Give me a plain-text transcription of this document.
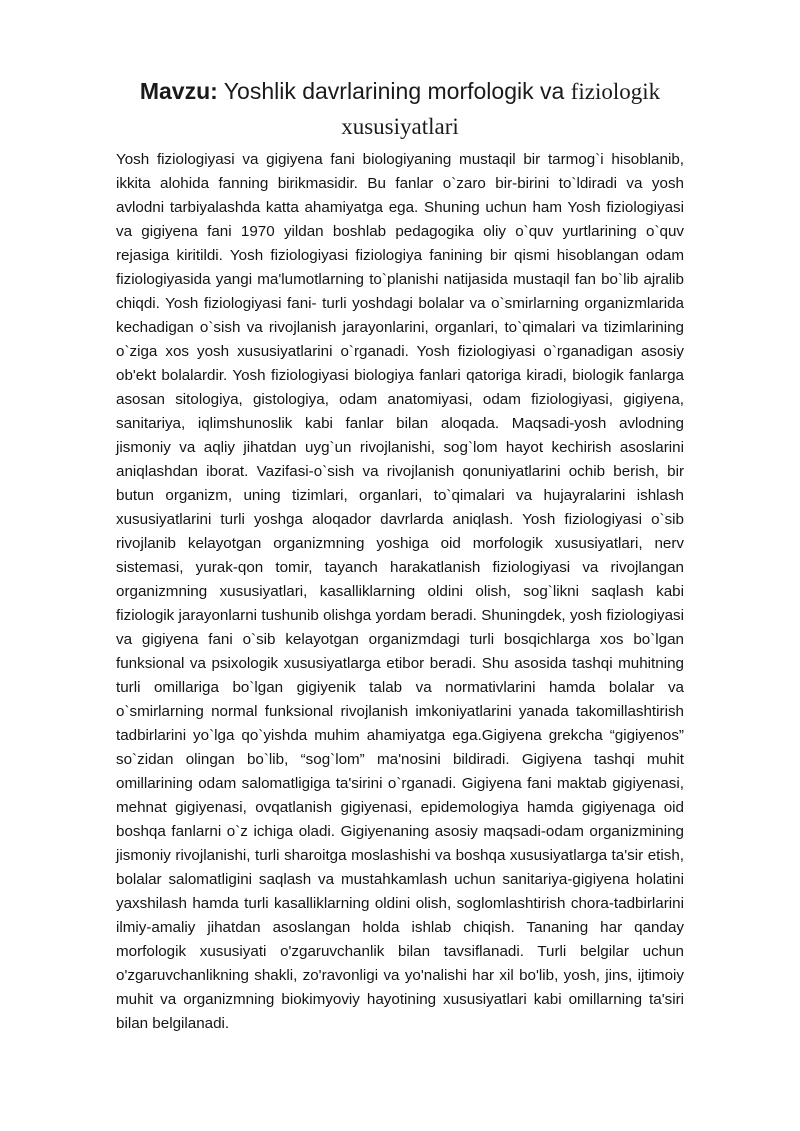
Mavzu: Yoshlik davrlarining morfologik va fiziologik xususiyatlari

Yosh fiziologiyasi va gigiyena fani biologiyaning mustaqil bir tarmog`i hisoblanib, ikkita alohida fanning birikmasidir. Bu fanlar o`zaro bir-birini to`ldiradi va yosh avlodni tarbiyalashda katta ahamiyatga ega. Shuning uchun ham Yosh fiziologiyasi va gigiyena fani 1970 yildan boshlab pedagogika oliy o`quv yurtlarining o`quv rejasiga kiritildi. Yosh fiziologiyasi fiziologiya fanining bir qismi hisoblangan odam fiziologiyasida yangi ma'lumotlarning to`planishi natijasida mustaqil fan bo`lib ajralib chiqdi. Yosh fiziologiyasi fani- turli yoshdagi bolalar va o`smirlarning organizmlarida kechadigan o`sish va rivojlanish jarayonlarini, organlari, to`qimalari va tizimlarining o`ziga xos yosh xususiyatlarini o`rganadi. Yosh fiziologiyasi o`rganadigan asosiy ob'ekt bolalardir. Yosh fiziologiyasi biologiya fanlari qatoriga kiradi, biologik fanlarga asosan sitologiya, gistologiya, odam anatomiyasi, odam fiziologiyasi, gigiyena, sanitariya, iqlimshunoslik kabi fanlar bilan aloqada. Maqsadi-yosh avlodning jismoniy va aqliy jihatdan uyg`un rivojlanishi, sog`lom hayot kechirish asoslarini aniqlashdan iborat. Vazifasi-o`sish va rivojlanish qonuniyatlarini ochib berish, bir butun organizm, uning tizimlari, organlari, to`qimalari va hujayralarini ishlash xususiyatlarini turli yoshga aloqador davrlarda aniqlash. Yosh fiziologiyasi o`sib rivojlanib kelayotgan organizmning yoshiga oid morfologik xususiyatlari, nerv sistemasi, yurak-qon tomir, tayanch harakatlanish fiziologiyasi va rivojlangan organizmning xususiyatlari, kasalliklarning oldini olish, sog`likni saqlash kabi fiziologik jarayonlarni tushunib olishga yordam beradi. Shuningdek, yosh fiziologiyasi va gigiyena fani o`sib kelayotgan organizmdagi turli bosqichlarga xos bo`lgan funksional va psixologik xususiyatlarga etibor beradi. Shu asosida tashqi muhitning turli omillariga bo`lgan gigiyenik talab va normativlarini hamda bolalar va o`smirlarning normal funksional rivojlanish imkoniyatlarini yanada takomillashtirish tadbirlarini yo`lga qo`yishda muhim ahamiyatga ega.Gigiyena grekcha “gigiyenos” so`zidan olingan bo`lib, “sog`lom” ma'nosini bildiradi. Gigiyena tashqi muhit omillarining odam salomatligiga ta'sirini o`rganadi. Gigiyena fani maktab gigiyenasi, mehnat gigiyenasi, ovqatlanish gigiyenasi, epidemologiya hamda gigiyenaga oid boshqa fanlarni o`z ichiga oladi. Gigiyenaning asosiy maqsadi-odam organizmining jismoniy rivojlanishi, turli sharoitga moslashishi va boshqa xususiyatlarga ta'sir etish, bolalar salomatligini saqlash va mustahkamlash uchun sanitariya-gigiyena holatini yaxshilash hamda turli kasalliklarning oldini olish, soglomlashtirish chora-tadbirlarini ilmiy-amaliy jihatdan asoslangan holda ishlab chiqish. Tananing har qanday morfologik xususiyati o'zgaruvchanlik bilan tavsiflanadi. Turli belgilar uchun o'zgaruvchanlikning shakli, zo'ravonligi va yo'nalishi har xil bo'lib, yosh, jins, ijtimoiy muhit va organizmning biokimyoviy hayotining xususiyatlari kabi omillarning ta'siri bilan belgilanadi.
